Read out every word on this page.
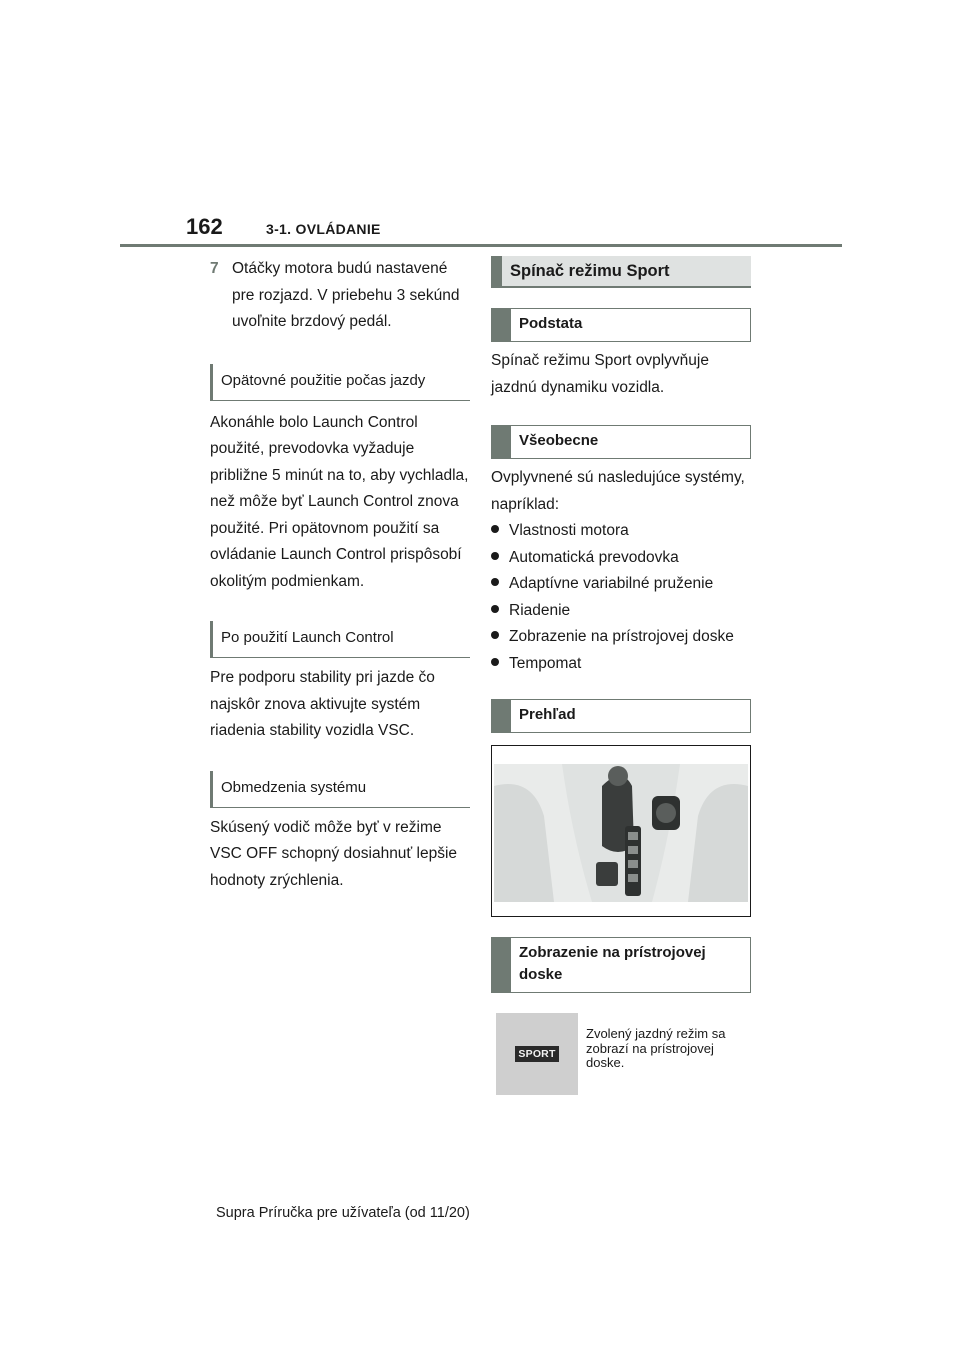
162	3-1. OVLÁDANIE
7 Otáčky motora budú nastavené pre rozjazd. V priebehu 3 sekúnd uvoľnite brzdový pedál.
Opätovné použitie počas jazdy

Akonáhle bolo Launch Control použité, prevodovka vyžaduje približne 5 minút na to, aby vychladla, než môže byť Launch Control znova použité. Pri opätovnom použití sa ovládanie Launch Control prispôsobí okolitým podmienkam.

Po použití Launch Control

Pre podporu stability pri jazde čo najskôr znova aktivujte systém riadenia stability vozidla VSC.

Obmedzenia systému

Skúsený vodič môže byť v režime VSC OFF schopný dosiahnuť lepšie hodnoty zrýchlenia.

Spínač režimu Sport
Podstata

Spínač režimu Sport ovplyvňuje jazdnú dynamiku vozidla.

Všeobecne

Ovplyvnené sú nasledujúce systémy, napríklad:

Vlastnosti motora
Automatická prevodovka
Adaptívne variabilné pruženie
Riadenie
Zobrazenie na prístrojovej doske
Tempomat
Prehľad
Zobrazenie na prístrojovej doske
SPORT
Zvolený jazdný režim sa zobrazí na prístrojovej doske.
Supra Príručka pre užívateľa (od 11/20)
